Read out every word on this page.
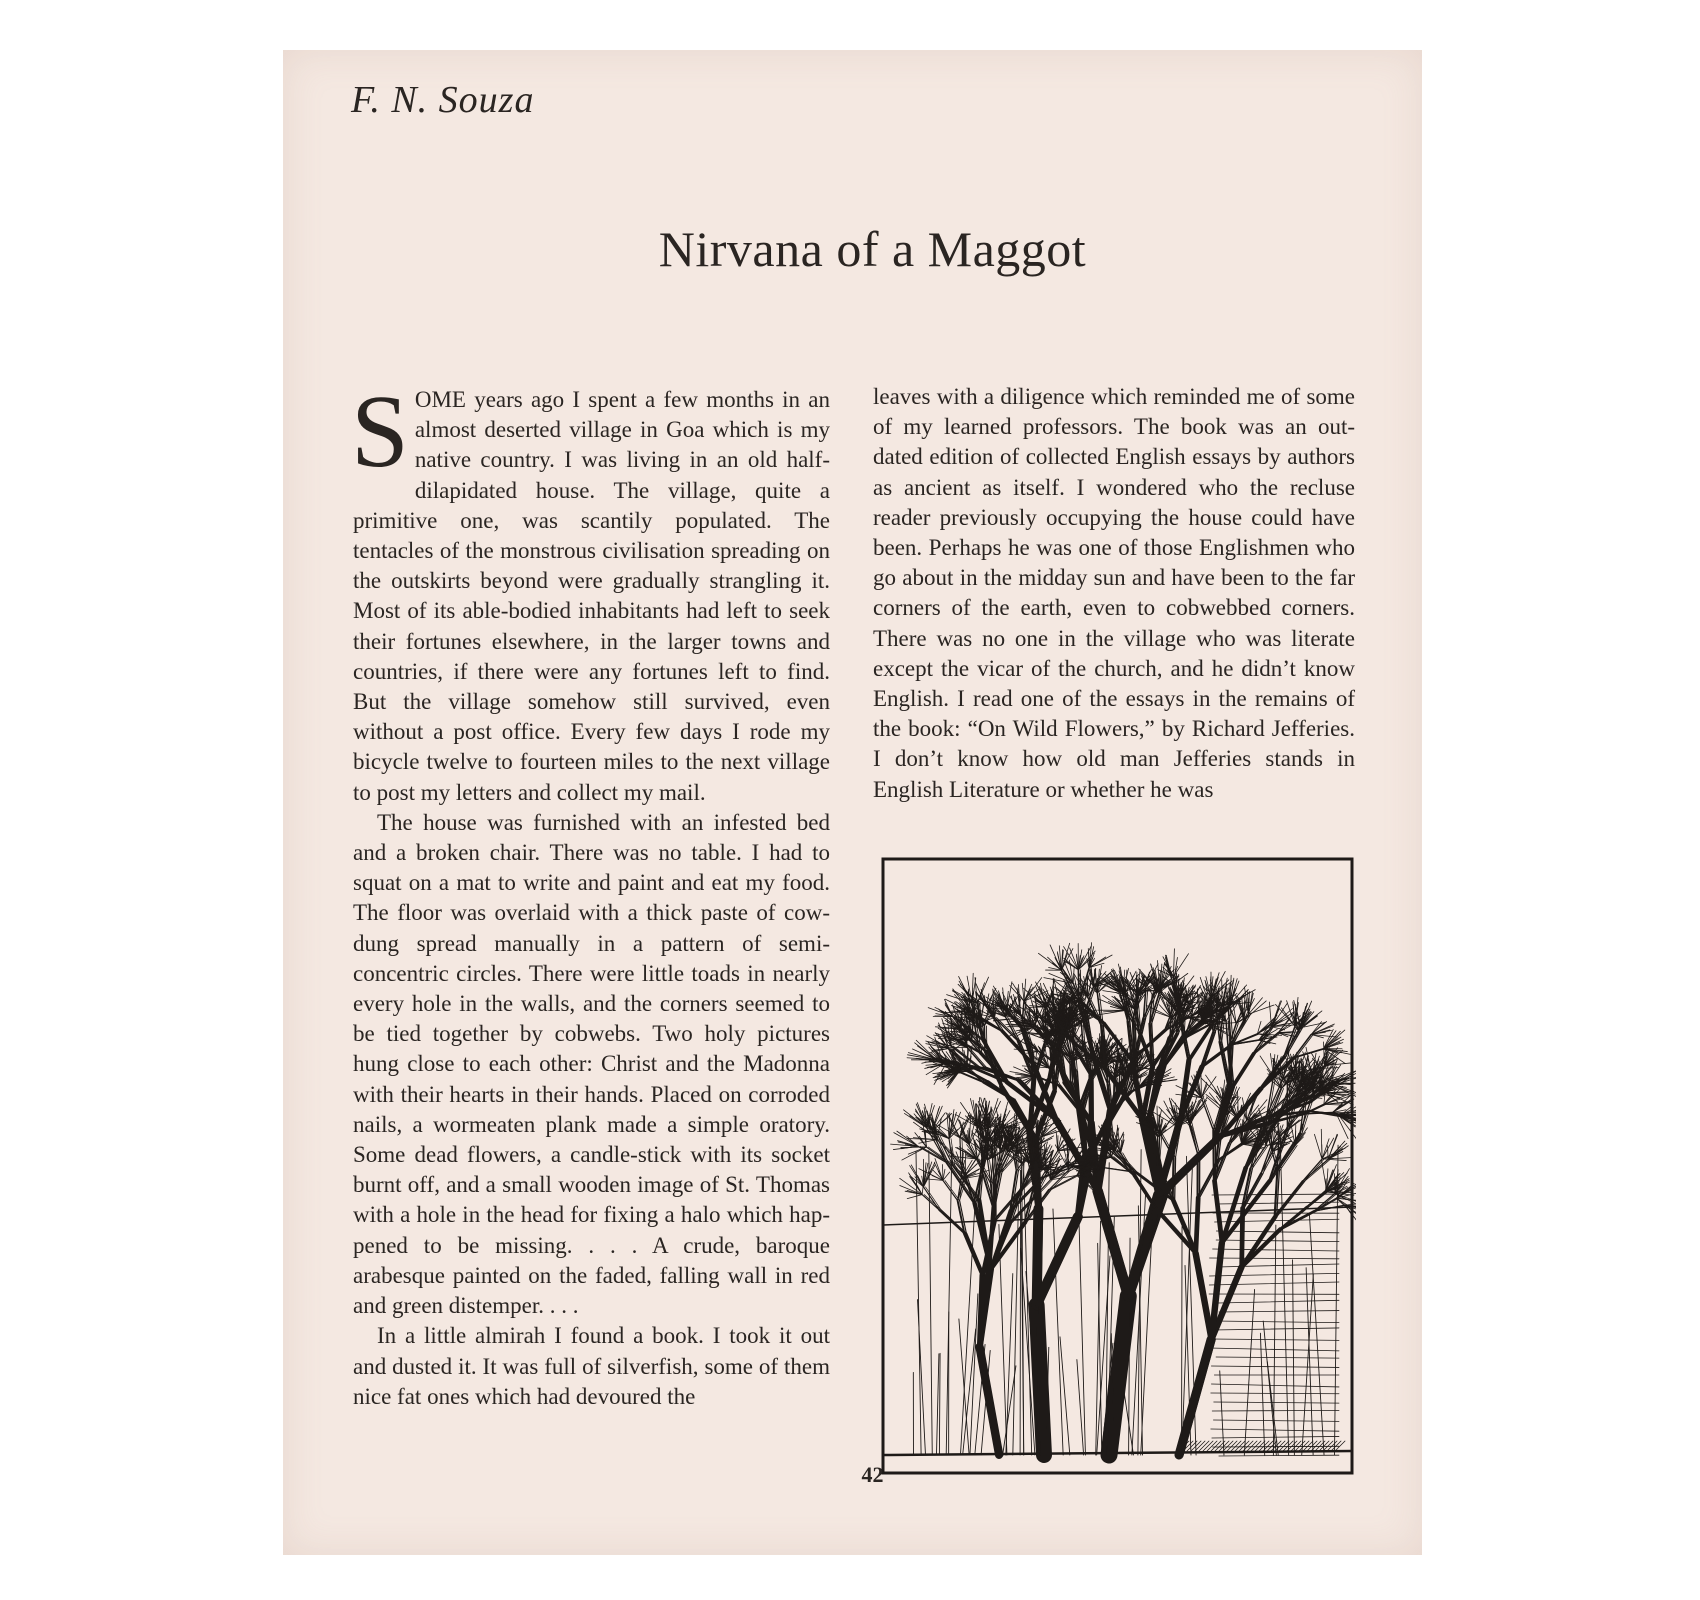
F. N. Souza
Nirvana of a Maggot

SOME years ago I spent a few months in an almost deserted village in Goa which is my native country. I was living in an old half-dilapidated house. The village, quite a primitive one, was scantily populated. The tentacles of the monstrous civilisation spreading on the outskirts beyond were gradually strangling it. Most of its able-bodied inhabitants had left to seek their fortunes elsewhere, in the larger towns and countries, if there were any fortunes left to find. But the village somehow still survived, even without a post office. Every few days I rode my bicycle twelve to fourteen miles to the next village to post my letters and collect my mail.

The house was furnished with an infested bed and a broken chair. There was no table. I had to squat on a mat to write and paint and eat my food. The floor was overlaid with a thick paste of cow-dung spread manually in a pattern of semi-concentric circles. There were little toads in nearly every hole in the walls, and the corners seemed to be tied together by cobwebs. Two holy pictures hung close to each other: Christ and the Madonna with their hearts in their hands. Placed on corroded nails, a wormeaten plank made a simple oratory. Some dead flowers, a candle-stick with its socket burnt off, and a small wooden image of St. Thomas with a hole in the head for fixing a halo which happened to be missing. . . . A crude, baroque arabesque painted on the faded, falling wall in red and green distemper. . . .

In a little almirah I found a book. I took it out and dusted it. It was full of silverfish, some of them nice fat ones which had devoured the

leaves with a diligence which reminded me of some of my learned professors. The book was an out-dated edition of collected English essays by authors as ancient as itself. I wondered who the recluse reader previously occupying the house could have been. Perhaps he was one of those Englishmen who go about in the midday sun and have been to the far corners of the earth, even to cobwebbed corners. There was no one in the village who was literate except the vicar of the church, and he didn’t know English. I read one of the essays in the remains of the book: “On Wild Flowers,” by Richard Jefferies. I don’t know how old man Jefferies stands in English Literature or whether he was

42
